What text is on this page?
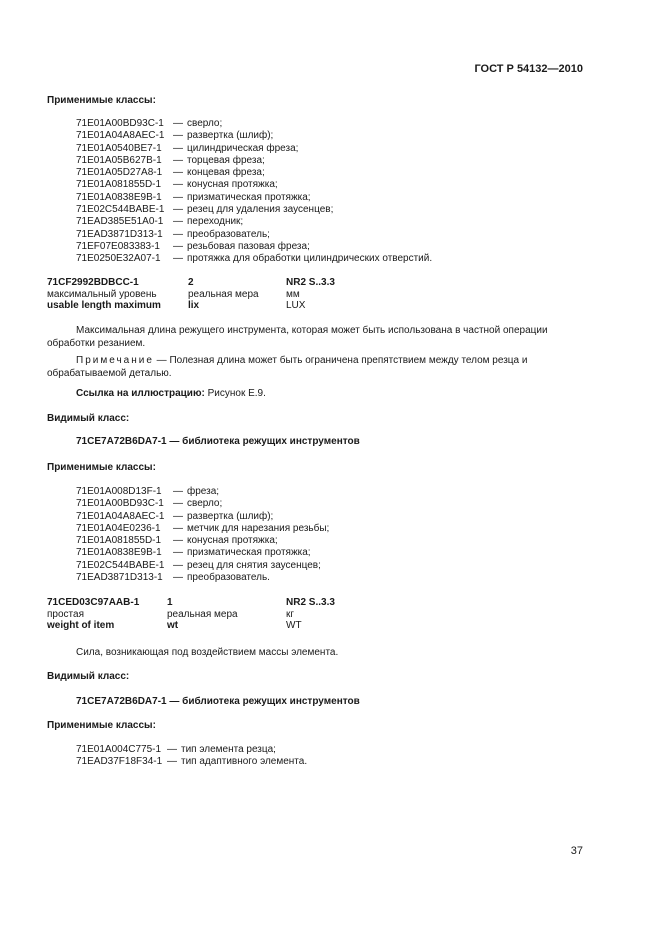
ГОСТ Р 54132—2010
Применимые классы:
71E01A00BD93C-1 — сверло;
71E01A04A8AEC-1 — развертка (шлиф);
71E01A0540BE7-1 — цилиндрическая фреза;
71E01A05B627B-1 — торцевая фреза;
71E01A05D27A8-1 — концевая фреза;
71E01A081855D-1 — конусная протяжка;
71E01A0838E9B-1 — призматическая протяжка;
71E02C544BABE-1 — резец для удаления заусенцев;
71EAD385E51A0-1 — переходник;
71EAD3871D313-1 — преобразователь;
71EF07E083383-1 — резьбовая пазовая фреза;
71E0250E32A07-1 — протяжка для обработки цилиндрических отверстий.
71CF2992BDBCC-1	2	NR2 S..3.3
максимальный уровень	реальная мера	мм
usable length maximum	lix	LUX
Максимальная длина режущего инструмента, которая может быть использована в частной операции обработки резанием.
Примечание — Полезная длина может быть ограничена препятствием между телом резца и обрабатываемой деталью.
Ссылка на иллюстрацию: Рисунок Е.9.
Видимый класс:
71CE7A72B6DA7-1 — библиотека режущих инструментов
Применимые классы:
71E01A008D13F-1 — фреза;
71E01A00BD93C-1 — сверло;
71E01A04A8AEC-1 — развертка (шлиф);
71E01A04E0236-1 — метчик для нарезания резьбы;
71E01A081855D-1 — конусная протяжка;
71E01A0838E9B-1 — призматическая протяжка;
71E02C544BABE-1 — резец для снятия заусенцев;
71EAD3871D313-1 — преобразователь.
71CED03C97AAB-1	1	NR2 S..3.3
простая	реальная мера	кг
weight of item	wt	WT
Сила, возникающая под воздействием массы элемента.
Видимый класс:
71CE7A72B6DA7-1 — библиотека режущих инструментов
Применимые классы:
71E01A004C775-1 — тип элемента резца;
71EAD37F18F34-1 — тип адаптивного элемента.
37
